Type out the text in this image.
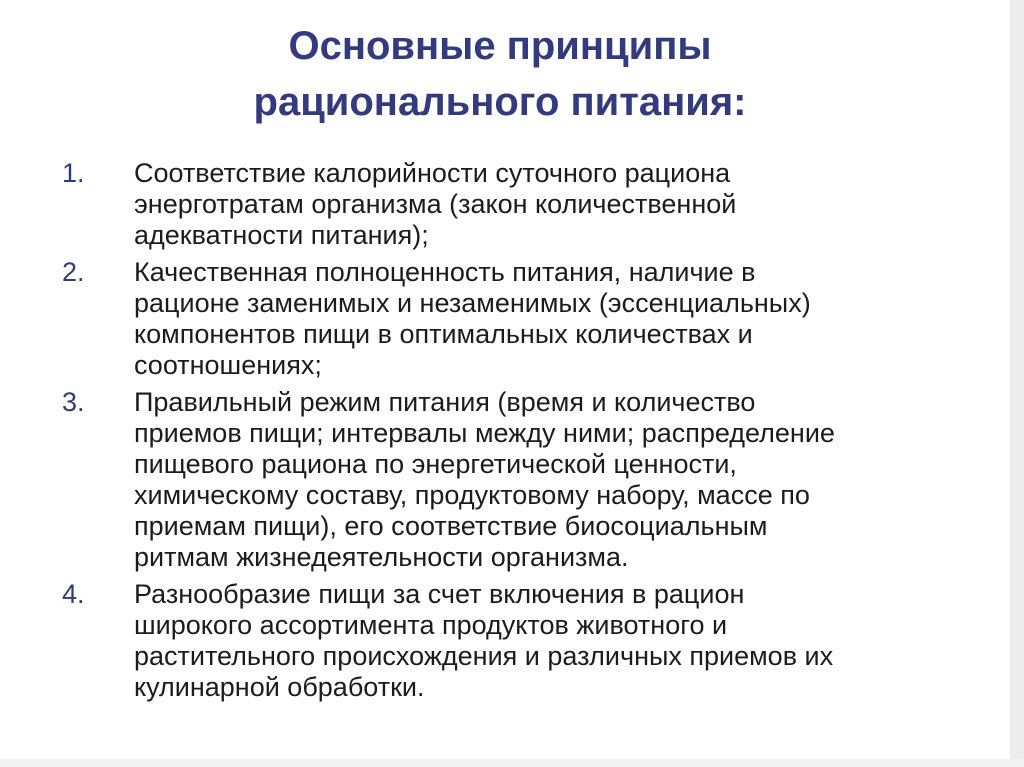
Основные принципы
рационального питания:
1.	Соответствие калорийности суточного рациона
энерготратам организма (закон количественной
адекватности питания);
2.	Качественная полноценность питания, наличие в
рационе заменимых и незаменимых (эссенциальных)
компонентов пищи в оптимальных количествах и
соотношениях;
3.	Правильный режим питания (время и количество
приемов пищи; интервалы между ними; распределение
пищевого рациона по энергетической ценности,
химическому составу, продуктовому набору, массе по
приемам пищи), его соответствие биосоциальным
ритмам жизнедеятельности организма.
4.	Разнообразие пищи за счет включения в рацион
широкого ассортимента продуктов животного и
растительного происхождения и различных приемов их
кулинарной обработки.
